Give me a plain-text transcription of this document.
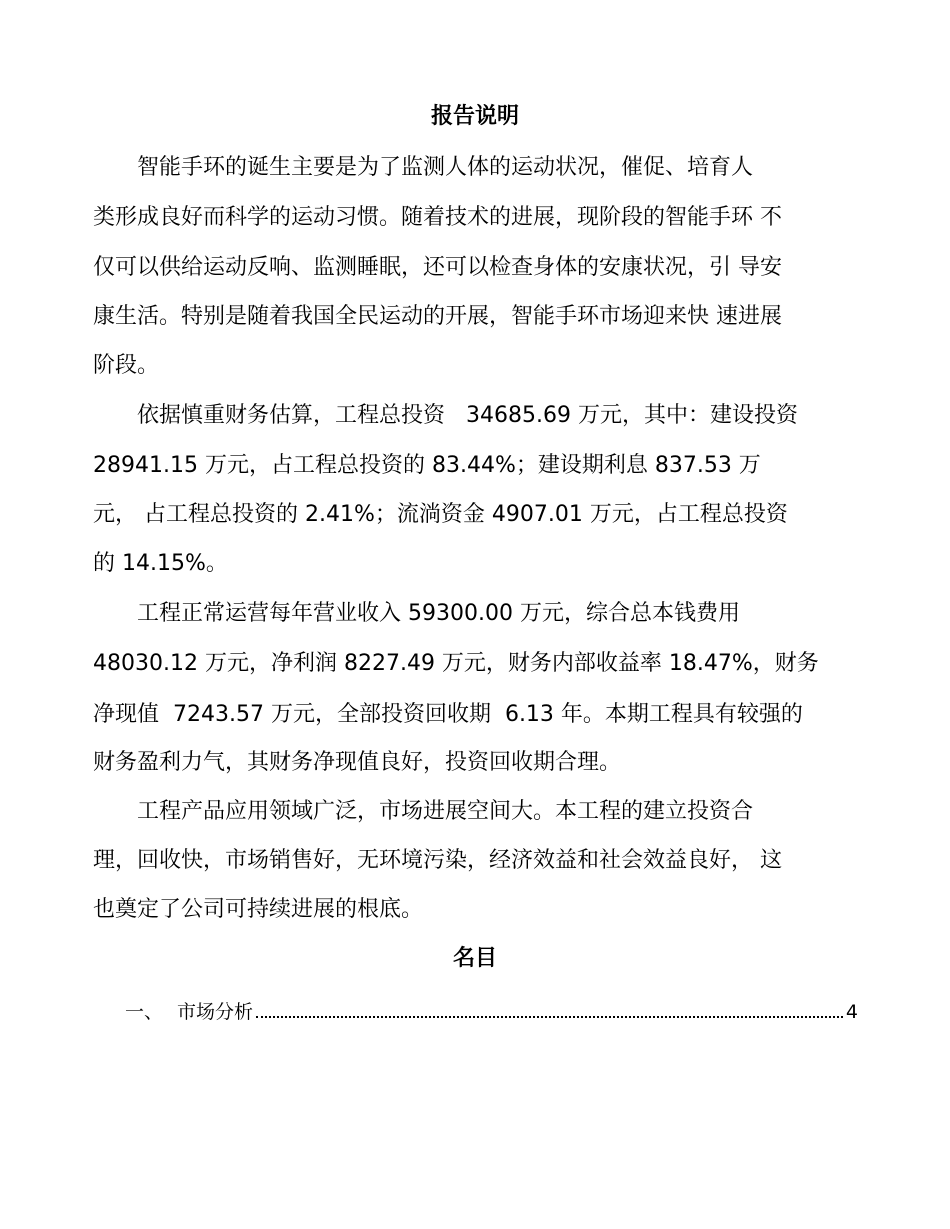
报告说明
　　智能手环的诞生主要是为了监测人体的运动状况，催促、培育人
类形成良好而科学的运动习惯。随着技术的进展，现阶段的智能手环 不
仅可以供给运动反响、监测睡眠，还可以检查身体的安康状况，引 导安
康生活。特别是随着我国全民运动的开展，智能手环市场迎来快 速进展
阶段。
　　依据慎重财务估算，工程总投资   34685.69 万元，其中：建设投资
28941.15 万元，占工程总投资的 83.44%；建设期利息 837.53 万
元， 占工程总投资的 2.41%；流淌资金 4907.01 万元，占工程总投资
的 14.15%。
　　工程正常运营每年营业收入 59300.00 万元，综合总本钱费用
48030.12 万元，净利润 8227.49 万元，财务内部收益率 18.47%，财务
净现值  7243.57 万元，全部投资回收期  6.13 年。本期工程具有较强的
财务盈利力气，其财务净现值良好，投资回收期合理。
　　工程产品应用领域广泛，市场进展空间大。本工程的建立投资合
理，回收快，市场销售好，无环境污染，经济效益和社会效益良好， 这
也奠定了公司可持续进展的根底。
名目
一、 市场分析	4
